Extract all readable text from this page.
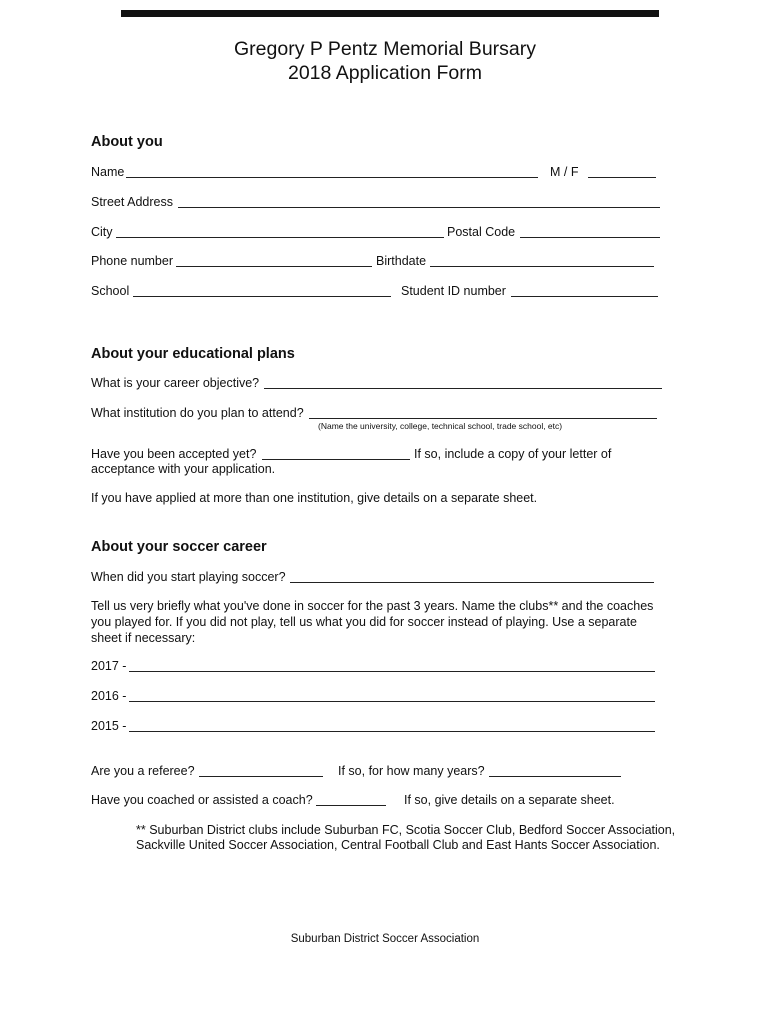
Gregory P Pentz Memorial Bursary
2018 Application Form
About you
Name	M / F
Street Address
City	Postal Code
Phone number	Birthdate
School	Student ID number
About your educational plans
What is your career objective?
What institution do you plan to attend?
(Name the university, college, technical school, trade school, etc)
Have you been accepted yet?	If so, include a copy of your letter of
acceptance with your application.
If you have applied at more than one institution, give details on a separate sheet.
About your soccer career
When did you start playing soccer?
Tell us very briefly what you've done in soccer for the past 3 years. Name the clubs** and the coaches
you played for. If you did not play, tell us what you did for soccer instead of playing. Use a separate
sheet if necessary:
2017 -
2016 -
2015 -
Are you a referee?	If so, for how many years?
Have you coached or assisted a coach?	If so, give details on a separate sheet.
** Suburban District clubs include Suburban FC, Scotia Soccer Club, Bedford Soccer Association,
Sackville United Soccer Association, Central Football Club and East Hants Soccer Association.
Suburban District Soccer Association
